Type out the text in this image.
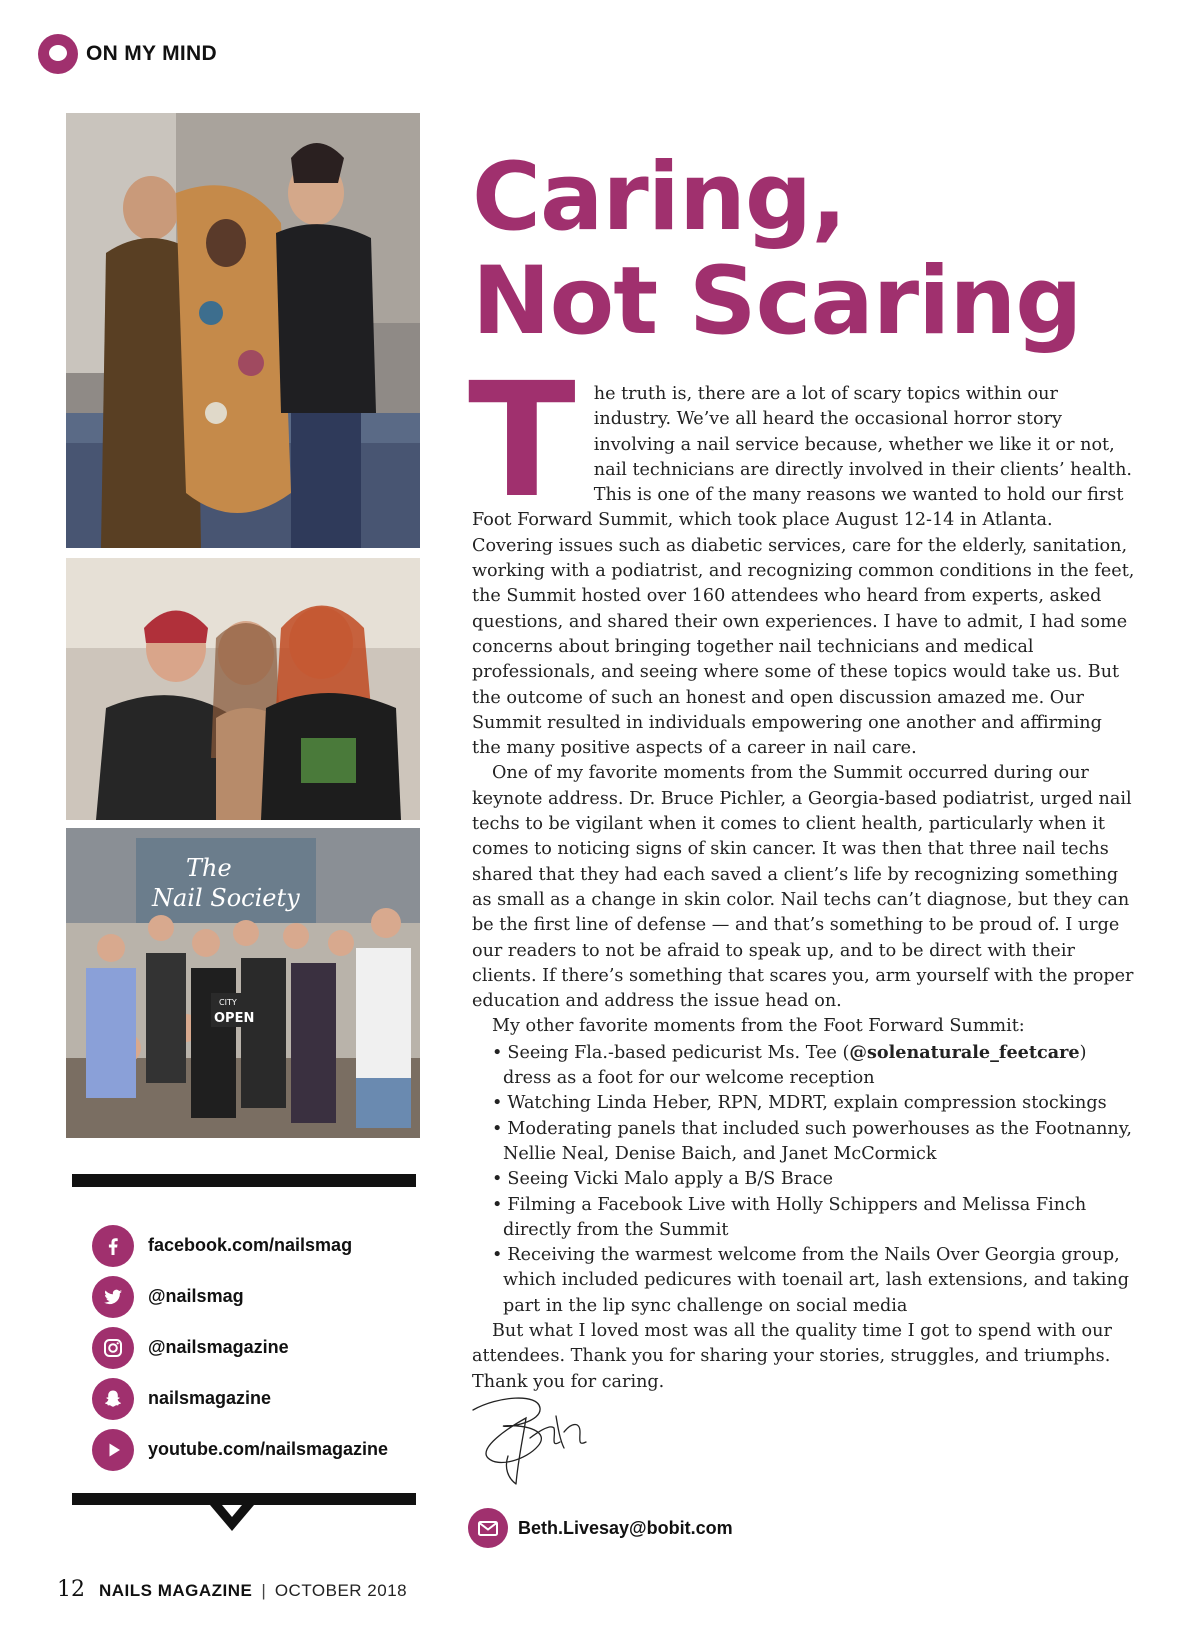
ON MY MIND
The
Nail Society
CITY
OPEN
facebook.com/nailsmag
@nailsmag
@nailsmagazine
nailsmagazine
youtube.com/nailsmagazine
12 NAILS MAGAZINE | OCTOBER 2018
Caring,
Not Scaring

T he truth is, there are a lot of scary topics within our industry. We’ve all heard the occasional horror story involving a nail service because, whether we like it or not, nail technicians are directly involved in their clients’ health. This is one of the many reasons we wanted to hold our first Foot Forward Summit, which took place August 12-14 in Atlanta. Covering issues such as diabetic services, care for the elderly, sanitation, working with a podiatrist, and recognizing common conditions in the feet, the Summit hosted over 160 attendees who heard from experts, asked questions, and shared their own experiences. I have to admit, I had some concerns about bringing together nail technicians and medical professionals, and seeing where some of these topics would take us. But the outcome of such an honest and open discussion amazed me. Our Summit resulted in individuals empowering one another and affirming the many positive aspects of a career in nail care.

One of my favorite moments from the Summit occurred during our keynote address. Dr. Bruce Pichler, a Georgia-based podiatrist, urged nail techs to be vigilant when it comes to client health, particularly when it comes to noticing signs of skin cancer. It was then that three nail techs shared that they had each saved a client’s life by recognizing something as small as a change in skin color. Nail techs can’t diagnose, but they can be the first line of defense — and that’s something to be proud of. I urge our readers to not be afraid to speak up, and to be direct with their clients. If there’s something that scares you, arm yourself with the proper education and address the issue head on.

My other favorite moments from the Foot Forward Summit:

• Seeing Fla.-based pedicurist Ms. Tee (@solenaturale_feetcare) dress as a foot for our welcome reception
• Watching Linda Heber, RPN, MDRT, explain compression stockings
• Moderating panels that included such powerhouses as the Footnanny, Nellie Neal, Denise Baich, and Janet McCormick
• Seeing Vicki Malo apply a B/S Brace
• Filming a Facebook Live with Holly Schippers and Melissa Finch directly from the Summit
• Receiving the warmest welcome from the Nails Over Georgia group, which included pedicures with toenail art, lash extensions, and taking part in the lip sync challenge on social media

But what I loved most was all the quality time I got to spend with our attendees. Thank you for sharing your stories, struggles, and triumphs. Thank you for caring.

Beth.Livesay@bobit.com
